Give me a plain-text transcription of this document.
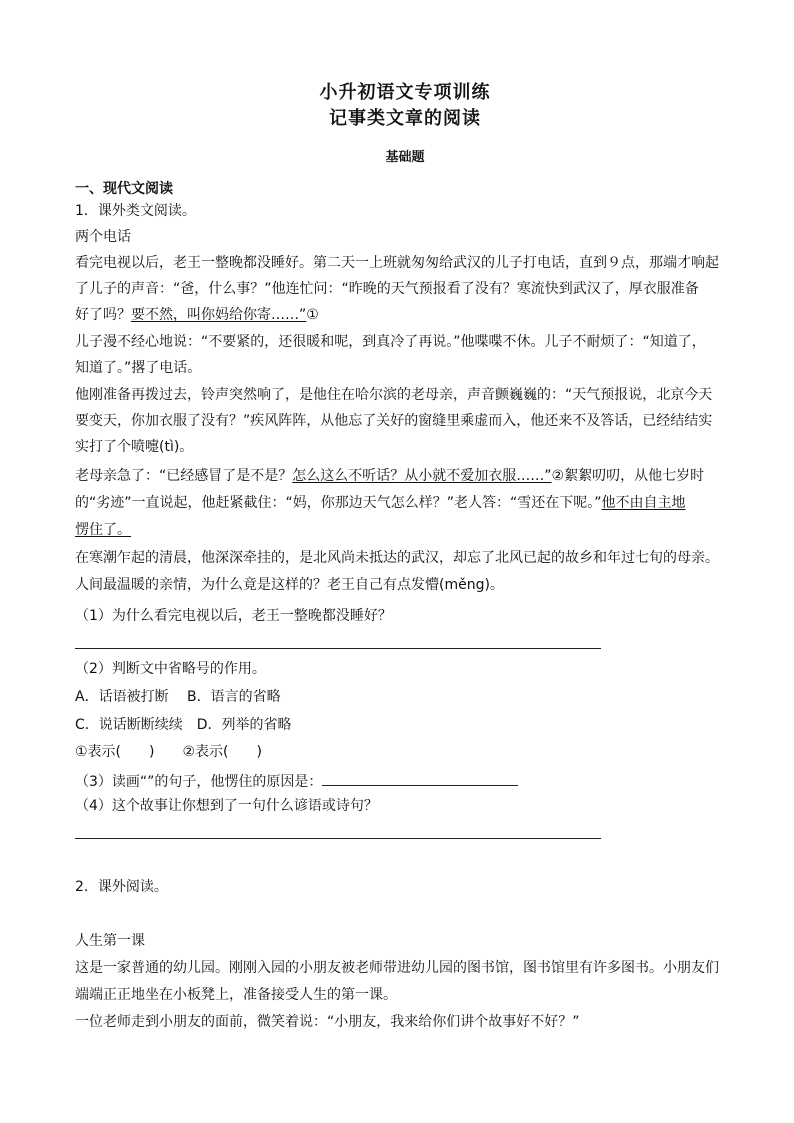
小升初语文专项训练
记事类文章的阅读
基础题
一、现代文阅读
1．课外类文阅读。
两个电话
看完电视以后，老王一整晚都没睡好。第二天一上班就匆匆给武汉的儿子打电话，直到９点，那端才响起
了儿子的声音：“爸，什么事？”他连忙问：“昨晚的天气预报看了没有？寒流快到武汉了，厚衣服准备
好了吗？要不然，叫你妈给你寄……”①
儿子漫不经心地说：“不要紧的，还很暖和呢，到真冷了再说。”他喋喋不休。儿子不耐烦了：“知道了，
知道了。”撂了电话。
他刚准备再拨过去，铃声突然响了，是他住在哈尔滨的老母亲，声音颤巍巍的：“天气预报说，北京今天
要变天，你加衣服了没有？”疾风阵阵，从他忘了关好的窗缝里乘虚而入，他还来不及答话，已经结结实
实打了个喷嚏(tì)。
老母亲急了：“已经感冒了是不是？怎么这么不听话？从小就不爱加衣服……”②絮絮叨叨，从他七岁时
的“劣迹”一直说起，他赶紧截住：“妈，你那边天气怎么样？”老人答：“雪还在下呢。”他不由自主地
愣住了。
在寒潮乍起的清晨，他深深牵挂的，是北风尚未抵达的武汉，却忘了北风已起的故乡和年过七旬的母亲。
人间最温暖的亲情，为什么竟是这样的？老王自己有点发懵(měng)。
（1）为什么看完电视以后，老王一整晚都没睡好？
（2）判断文中省略号的作用。
A．话语被打断　 B．语言的省略
C．说话断断续续　D．列举的省略
①表示(　　)　　②表示(　　)
（3）读画“”的句子，他愣住的原因是：
（4）这个故事让你想到了一句什么谚语或诗句？
2．课外阅读。
人生第一课
这是一家普通的幼儿园。刚刚入园的小朋友被老师带进幼儿园的图书馆，图书馆里有许多图书。小朋友们
端端正正地坐在小板凳上，准备接受人生的第一课。
一位老师走到小朋友的面前，微笑着说：“小朋友，我来给你们讲个故事好不好？”
